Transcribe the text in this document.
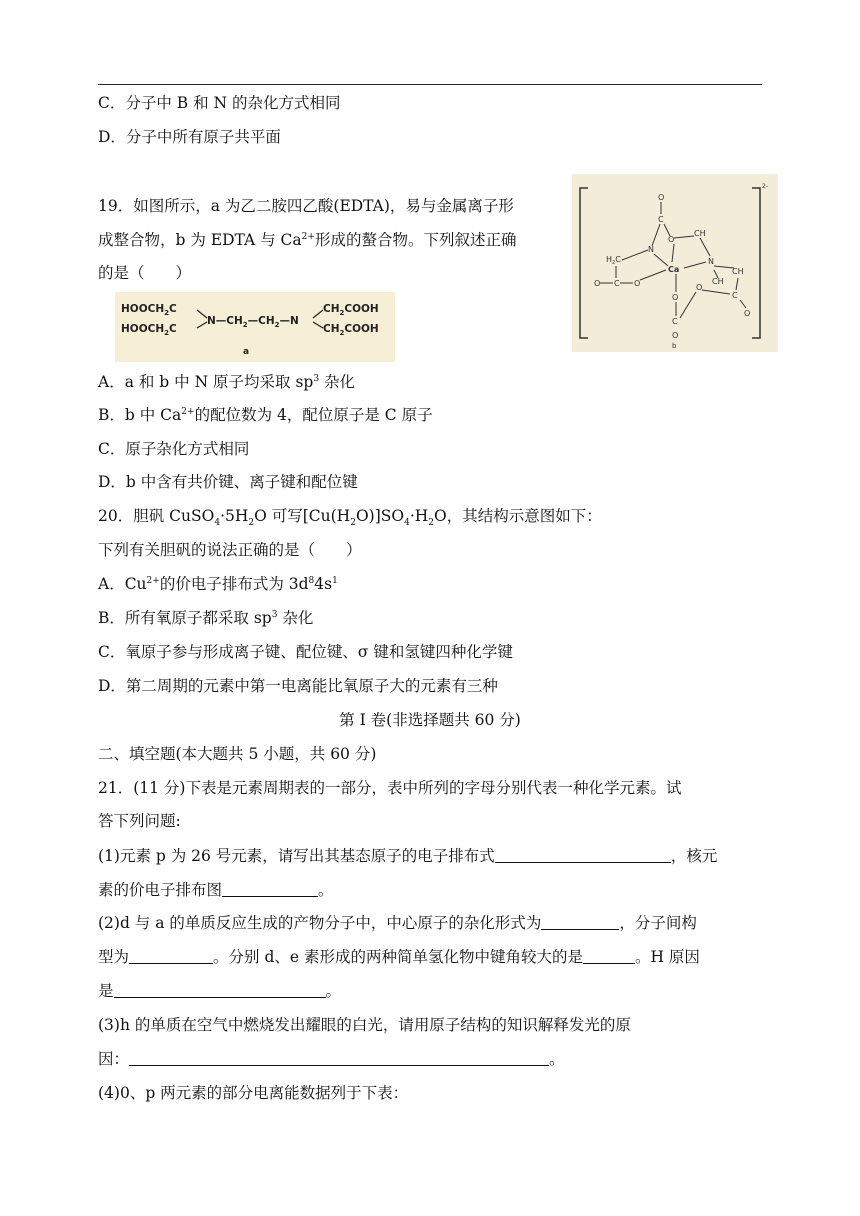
C．分子中 B 和 N 的杂化方式相同
D．分子中所有原子共平面
19．如图所示，a 为乙二胺四乙酸(EDTA)，易与金属离子形
成整合物，b 为 EDTA 与 $Ca^{2+}$形成的螯合物。下列叙述正确
的是（　　）
$HOOCH_2C$
$HOOCH_2C$
$N—CH_2—CH_2—N$
$CH_2COOH$
$CH_2COOH$
a
2-
O
C
O
N
CH
N
Ca
$H_2C$
O C O
O
C
O
O
CH
CH
C
O
b
A．a 和 b 中 N 原子均采取 $sp^3$ 杂化
B．b 中 $Ca^{2+}$的配位数为 4，配位原子是 C 原子
C．原子杂化方式相同
D．b 中含有共价键、离子键和配位键
20．胆矾 $CuSO_4\cdot 5H_2O$ 可写$[Cu(H_2O)]SO_4\cdot H_2O$，其结构示意图如下：
下列有关胆矾的说法正确的是（　　）
A．$Cu^{2+}$的价电子排布式为 $3d^84s^1$
B．所有氧原子都采取 $sp^3$ 杂化
C．氧原子参与形成离子键、配位键、σ 键和氢键四种化学键
D．第二周期的元素中第一电离能比氧原子大的元素有三种
第 I 卷(非选择题共 60 分)
二、填空题(本大题共 5 小题，共 60 分)
21．(11 分)下表是元素周期表的一部分，表中所列的字母分别代表一种化学元素。试
答下列问题:
(1)元素 p 为 26 号元素，请写出其基态原子的电子排布式	，核元
素的价电子排布图	。
(2)d 与 a 的单质反应生成的产物分子中，中心原子的杂化形式为	，分子间构
型为	。分别 d、e 素形成的两种简单氢化物中键角较大的是	。H 原因
是	。
(3)h 的单质在空气中燃烧发出耀眼的白光，请用原子结构的知识解释发光的原
因：	。
(4)0、p 两元素的部分电离能数据列于下表：
